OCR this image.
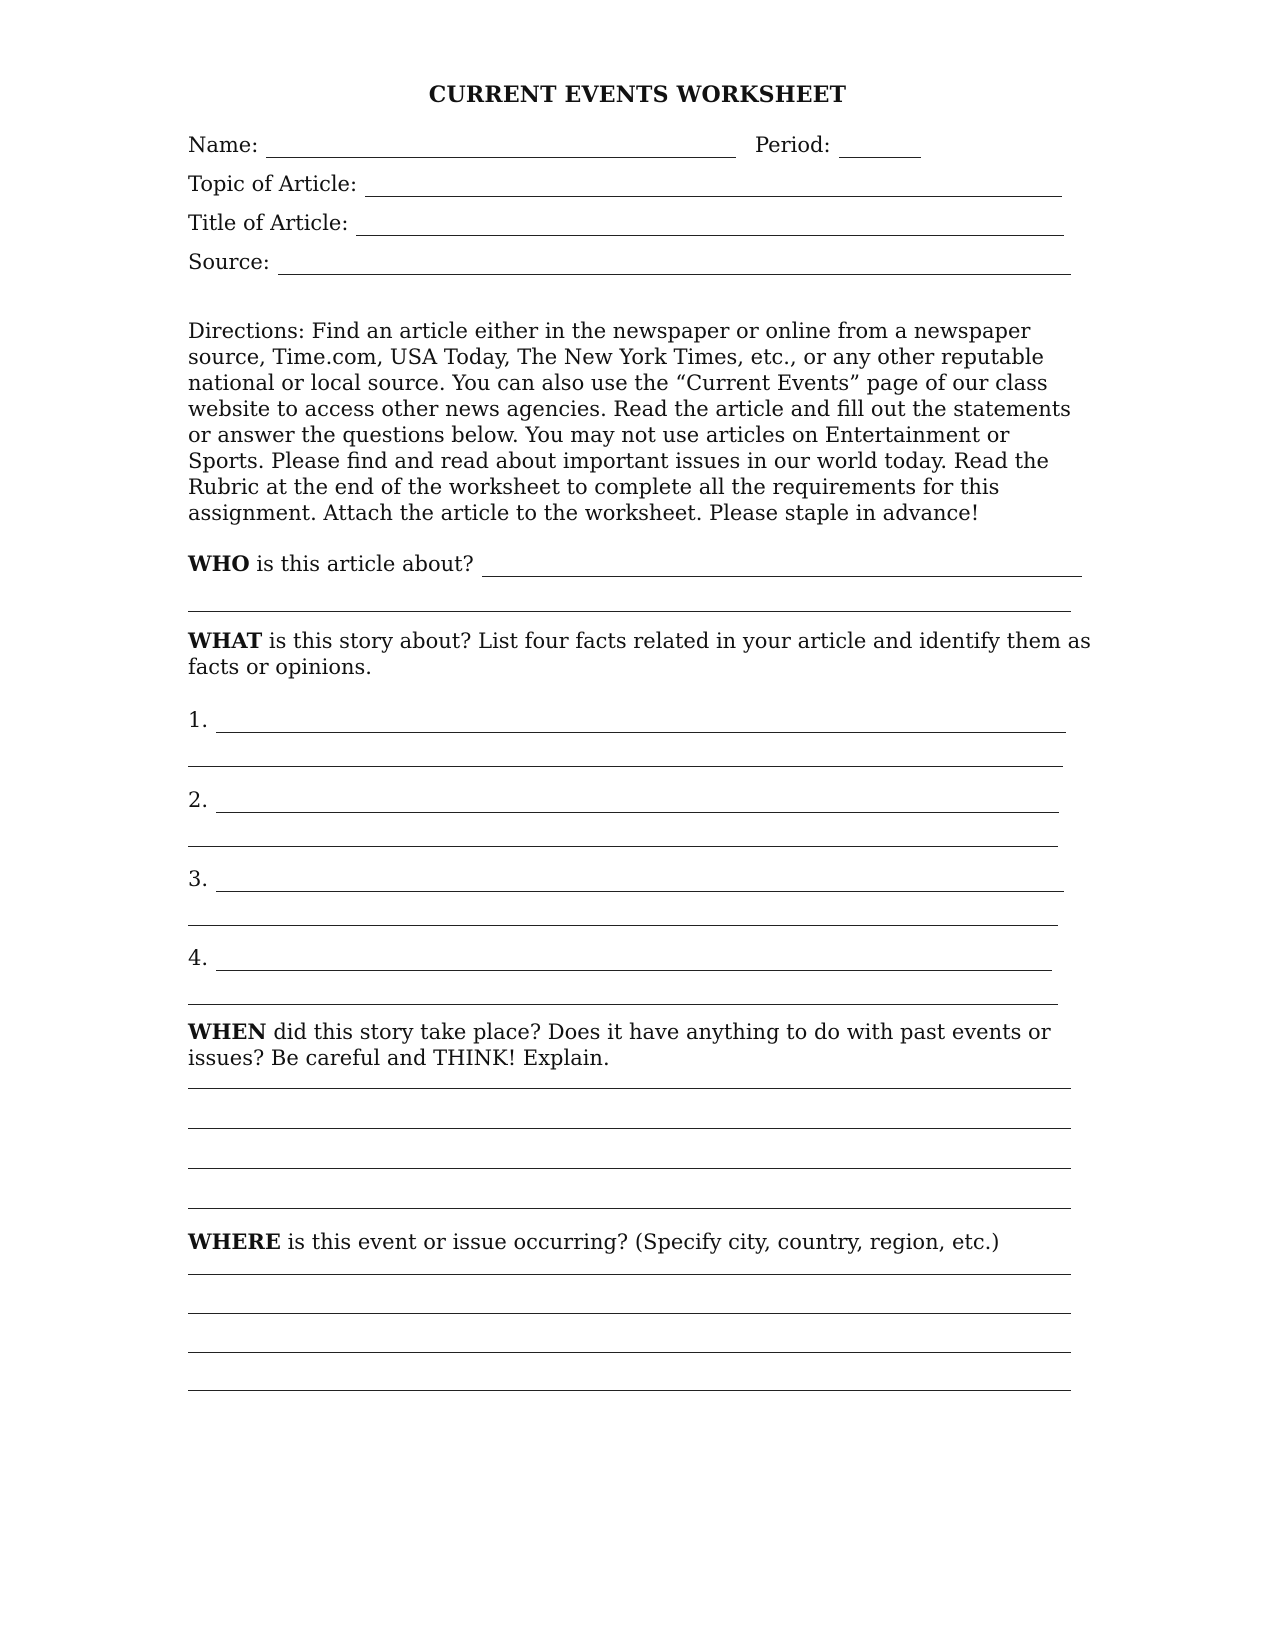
CURRENT EVENTS WORKSHEET
Name:	Period:
Topic of Article:
Title of Article:
Source:
Directions: Find an article either in the newspaper or online from a newspaper source, Time.com, USA Today, The New York Times, etc., or any other reputable national or local source. You can also use the “Current Events” page of our class website to access other news agencies. Read the article and fill out the statements or answer the questions below. You may not use articles on Entertainment or Sports. Please find and read about important issues in our world today. Read the Rubric at the end of the worksheet to complete all the requirements for this assignment. Attach the article to the worksheet. Please staple in advance!
WHO is this article about?
WHAT is this story about? List four facts related in your article and identify them as facts or opinions.
1.
2.
3.
4.
WHEN did this story take place? Does it have anything to do with past events or issues? Be careful and THINK! Explain.
WHERE is this event or issue occurring? (Specify city, country, region, etc.)
